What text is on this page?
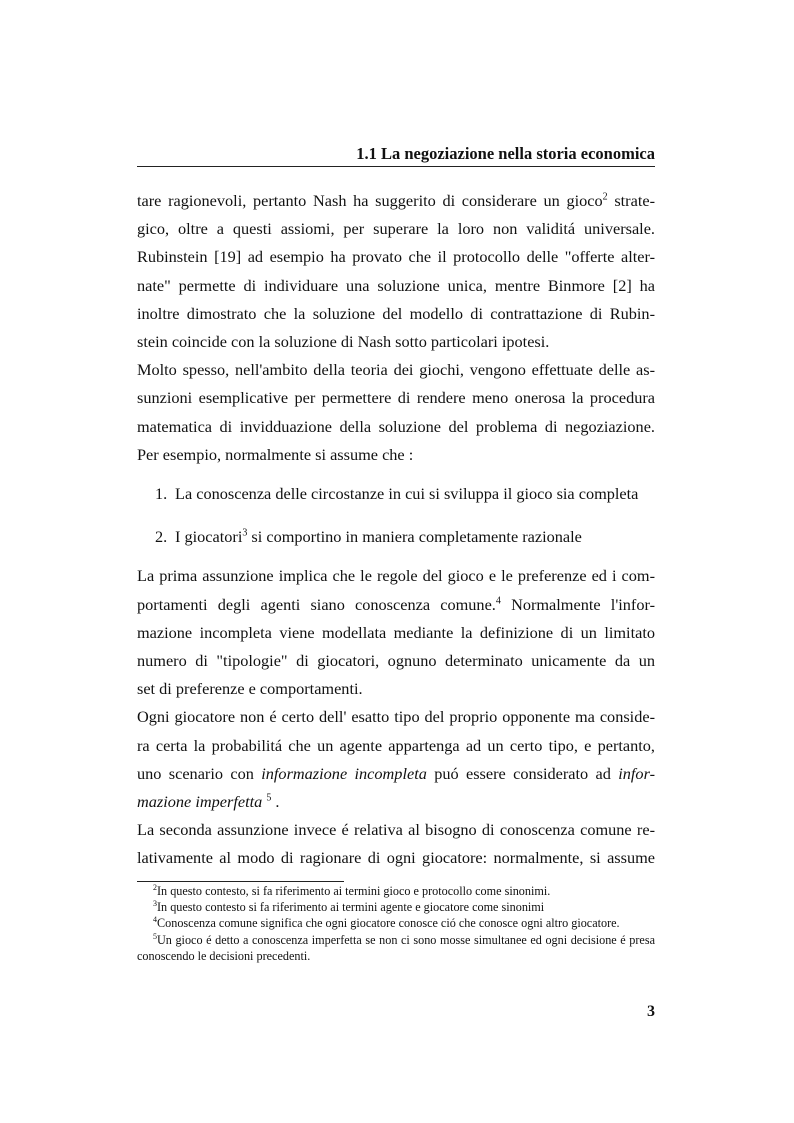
1.1 La negoziazione nella storia economica

tare ragionevoli, pertanto Nash ha suggerito di considerare un gioco$^2$ strate-
gico, oltre a questi assiomi, per superare la loro non validitá universale.
Rubinstein [19] ad esempio ha provato che il protocollo delle "offerte alter-
nate" permette di individuare una soluzione unica, mentre Binmore [2] ha
inoltre dimostrato che la soluzione del modello di contrattazione di Rubin-
stein coincide con la soluzione di Nash sotto particolari ipotesi.

Molto spesso, nell'ambito della teoria dei giochi, vengono effettuate delle as-
sunzioni esemplicative per permettere di rendere meno onerosa la procedura
matematica di invidduazione della soluzione del problema di negoziazione.
Per esempio, normalmente si assume che :

1. La conoscenza delle circostanze in cui si sviluppa il gioco sia completa
2. I giocatori$^3$ si comportino in maniera completamente razionale

La prima assunzione implica che le regole del gioco e le preferenze ed i com-
portamenti degli agenti siano conoscenza comune.$^4$ Normalmente l'infor-
mazione incompleta viene modellata mediante la definizione di un limitato
numero di "tipologie" di giocatori, ognuno determinato unicamente da un
set di preferenze e comportamenti.

Ogni giocatore non é certo dell' esatto tipo del proprio opponente ma conside-
ra certa la probabilitá che un agente appartenga ad un certo tipo, e pertanto,
uno scenario con informazione incompleta puó essere considerato ad infor-
mazione imperfetta $^5$ .

La seconda assunzione invece é relativa al bisogno di conoscenza comune re-
lativamente al modo di ragionare di ogni giocatore: normalmente, si assume

$^2$In questo contesto, si fa riferimento ai termini gioco e protocollo come sinonimi.

$^3$In questo contesto si fa riferimento ai termini agente e giocatore come sinonimi

$^4$Conoscenza comune significa che ogni giocatore conosce ció che conosce ogni altro giocatore.

$^5$Un gioco é detto a conoscenza imperfetta se non ci sono mosse simultanee ed ogni decisione é presa conoscendo le decisioni precedenti.

3
